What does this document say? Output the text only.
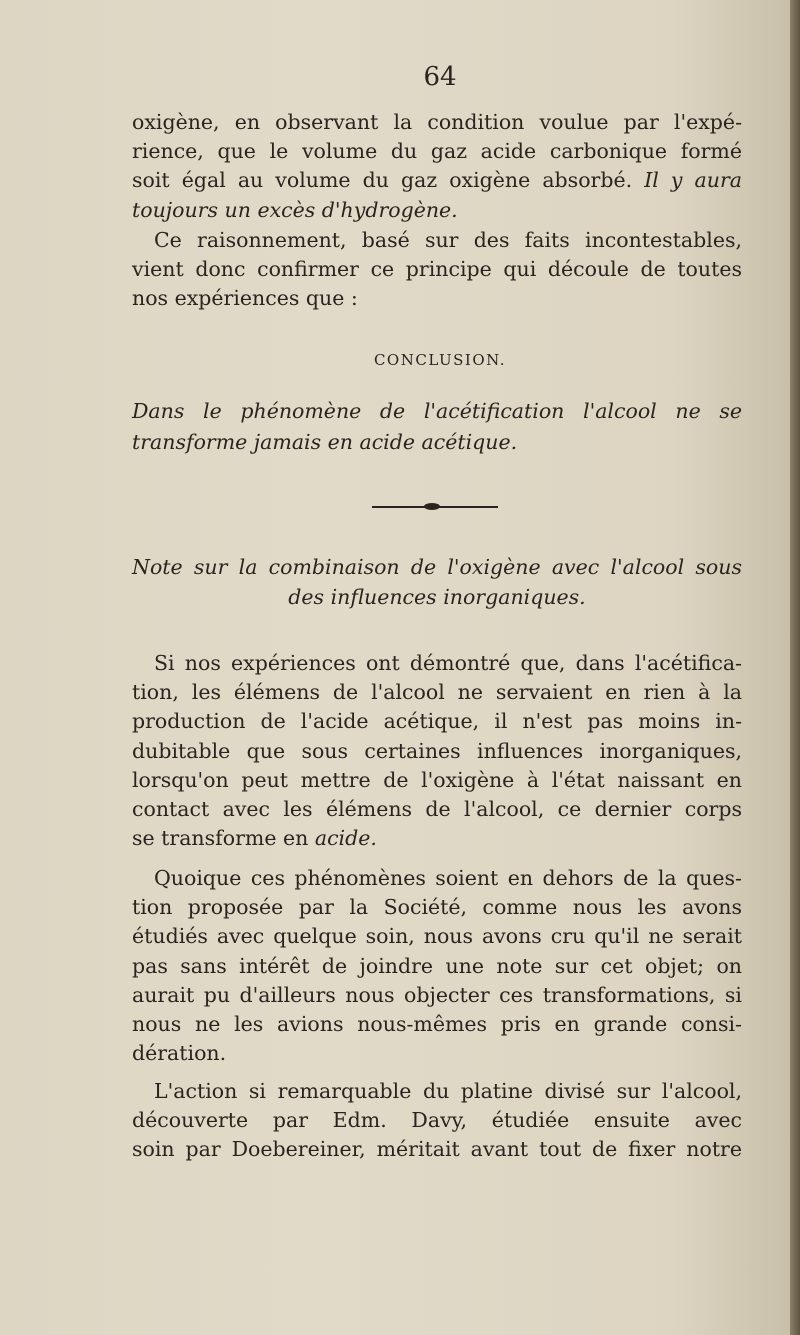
64
oxigène, en observant la condition voulue par l'expé-
rience, que le volume du gaz acide carbonique formé
soit égal au volume du gaz oxigène absorbé. Il y aura
toujours un excès d'hydrogène.
Ce raisonnement, basé sur des faits incontestables,
vient donc confirmer ce principe qui découle de toutes
nos expériences que :
CONCLUSION.
Dans le phénomène de l'acétification l'alcool ne se
transforme jamais en acide acétique.
Note sur la combinaison de l'oxigène avec l'alcool sous
des influences inorganiques.
Si nos expériences ont démontré que, dans l'acétifica-
tion, les élémens de l'alcool ne servaient en rien à la
production de l'acide acétique, il n'est pas moins in-
dubitable que sous certaines influences inorganiques,
lorsqu'on peut mettre de l'oxigène à l'état naissant en
contact avec les élémens de l'alcool, ce dernier corps
se transforme en acide.
Quoique ces phénomènes soient en dehors de la ques-
tion proposée par la Société, comme nous les avons
étudiés avec quelque soin, nous avons cru qu'il ne serait
pas sans intérêt de joindre une note sur cet objet; on
aurait pu d'ailleurs nous objecter ces transformations, si
nous ne les avions nous-mêmes pris en grande consi-
dération.
L'action si remarquable du platine divisé sur l'alcool,
découverte par Edm. Davy, étudiée ensuite avec
soin par Doebereiner, méritait avant tout de fixer notre
